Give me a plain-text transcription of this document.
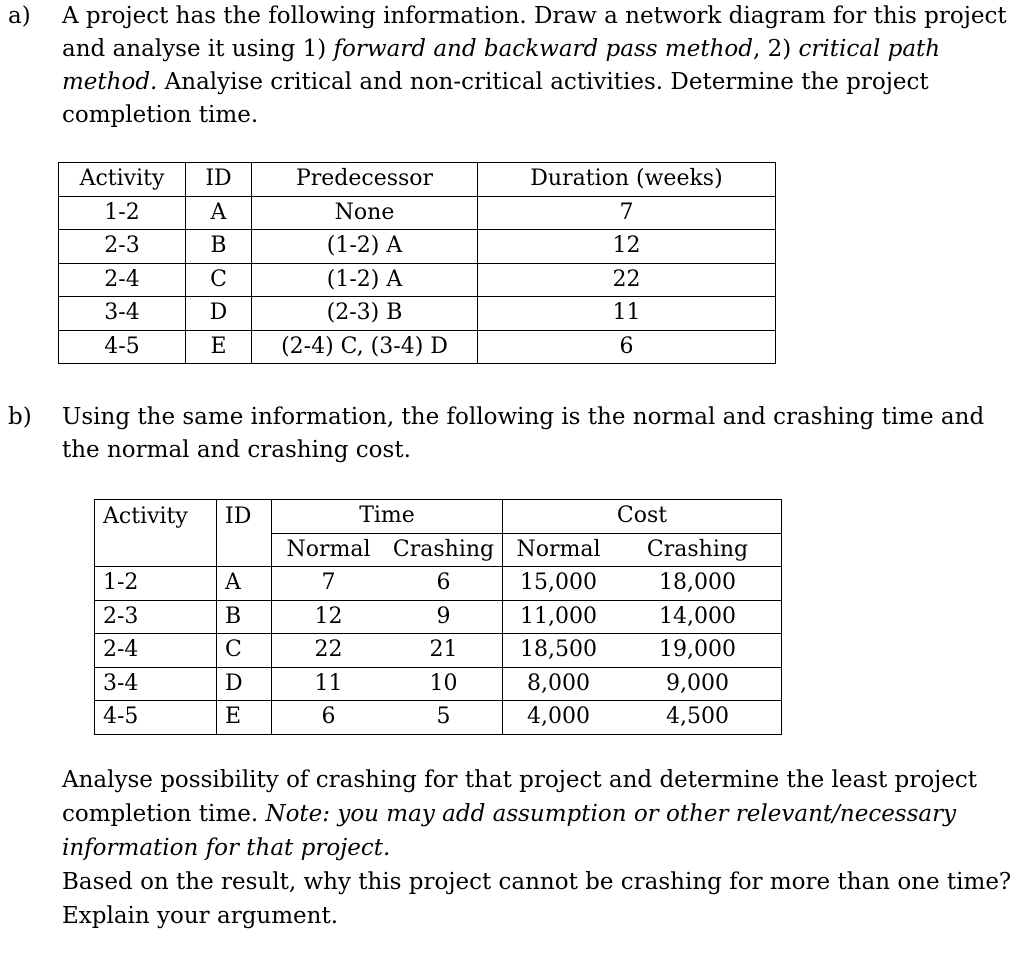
a)	A project has the following information. Draw a network diagram for this project and analyse it using 1) forward and backward pass method, 2) critical path method. Analyise critical and non-critical activities. Determine the project completion time.
Activity	ID	Predecessor	Duration (weeks)
1-2	A	None	7
2-3	B	(1-2) A	12
2-4	C	(1-2) A	22
3-4	D	(2-3) B	11
4-5	E	(2-4) C, (3-4) D	6
b)	Using the same information, the following is the normal and crashing time and the normal and crashing cost.
Activity	ID	Time		Cost	
		Normal	Crashing	Normal	Crashing
1-2	A	7	6	15,000	18,000
2-3	B	12	9	11,000	14,000
2-4	C	22	21	18,500	19,000
3-4	D	11	10	8,000	9,000
4-5	E	6	5	4,000	4,500
Analyse possibility of crashing for that project and determine the least project completion time. Note: you may add assumption or other relevant/necessary information for that project.
Based on the result, why this project cannot be crashing for more than one time? Explain your argument.
